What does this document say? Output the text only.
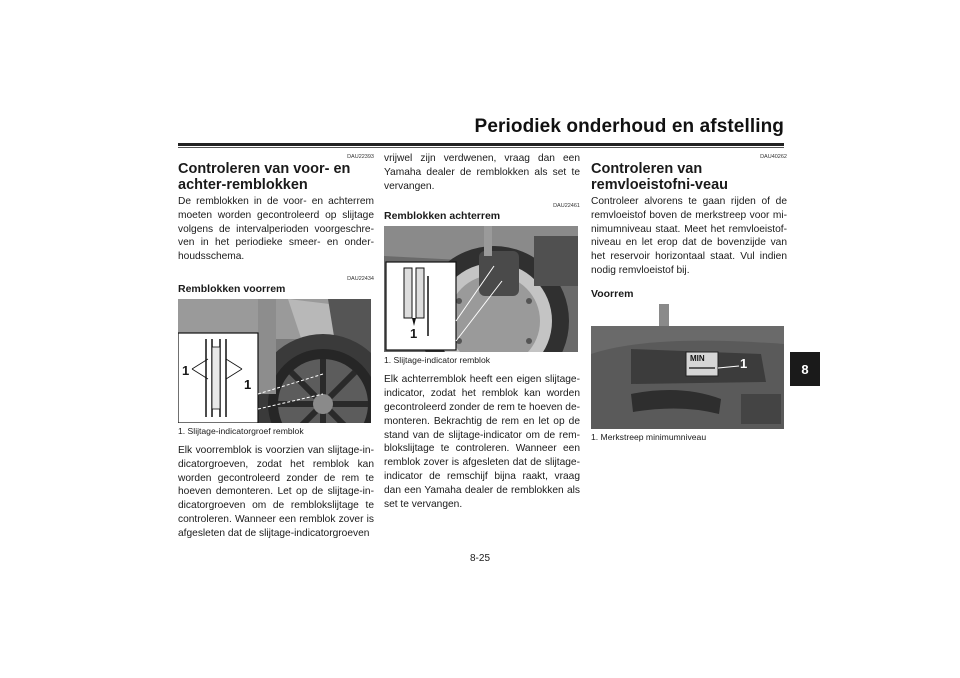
Periodiek onderhoud en afstelling
DAU22393
Controleren van voor- en achter-remblokken

De remblokken in de voor- en achterrem moeten worden gecontroleerd op slijtage volgens de intervalperioden voorgeschre-ven in het periodieke smeer- en onder-houdsschema.

DAU22434
Remblokken voorrem
1
1
1. Slijtage-indicatorgroef remblok

Elk voorremblok is voorzien van slijtage-in-dicatorgroeven, zodat het remblok kan worden gecontroleerd zonder de rem te hoeven demonteren. Let op de slijtage-in-dicatorgroeven om de remblokslijtage te controleren. Wanneer een remblok zover is afgesleten dat de slijtage-indicatorgroeven

vrijwel zijn verdwenen, vraag dan een Yamaha dealer de remblokken als set te vervangen.

DAU22461
Remblokken achterrem
1
1. Slijtage-indicator remblok

Elk achterremblok heeft een eigen slijtage-indicator, zodat het remblok kan worden gecontroleerd zonder de rem te hoeven de-monteren. Bekrachtig de rem en let op de stand van de slijtage-indicator om de rem-blokslijtage te controleren. Wanneer een remblok zover is afgesleten dat de slijtage-indicator de remschijf bijna raakt, vraag dan een Yamaha dealer de remblokken als set te vervangen.

DAU40262
Controleren van remvloeistofni-veau

Controleer alvorens te gaan rijden of de remvloeistof boven de merkstreep voor mi-nimumniveau staat. Meet het remvloeistof-niveau en let erop dat de bovenzijde van het reservoir horizontaal staat. Vul indien nodig remvloeistof bij.

Voorrem
MIN	1
1. Merkstreep minimumniveau
8-25
8
